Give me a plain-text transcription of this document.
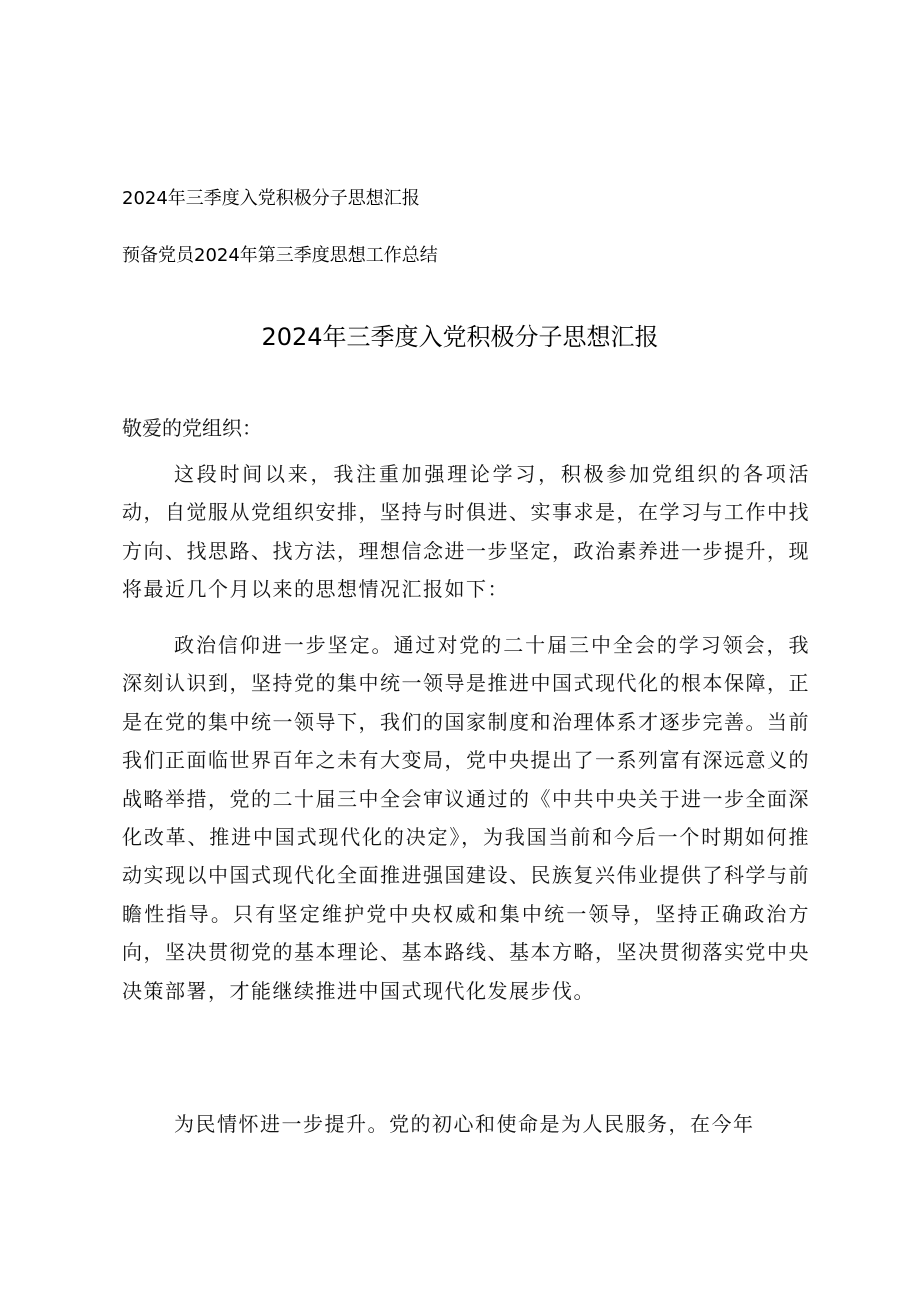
2024年三季度入党积极分子思想汇报
预备党员2024年第三季度思想工作总结
2024年三季度入党积极分子思想汇报
敬爱的党组织：

这段时间以来，我注重加强理论学习，积极参加党组织的各项活动，自觉服从党组织安排，坚持与时俱进、实事求是，在学习与工作中找方向、找思路、找方法，理想信念进一步坚定，政治素养进一步提升，现将最近几个月以来的思想情况汇报如下：

政治信仰进一步坚定。通过对党的二十届三中全会的学习领会，我深刻认识到，坚持党的集中统一领导是推进中国式现代化的根本保障，正是在党的集中统一领导下，我们的国家制度和治理体系才逐步完善。当前我们正面临世界百年之未有大变局，党中央提出了一系列富有深远意义的战略举措，党的二十届三中全会审议通过的《中共中央关于进一步全面深化改革、推进中国式现代化的决定》，为我国当前和今后一个时期如何推动实现以中国式现代化全面推进强国建设、民族复兴伟业提供了科学与前瞻性指导。只有坚定维护党中央权威和集中统一领导，坚持正确政治方向，坚决贯彻党的基本理论、基本路线、基本方略，坚决贯彻落实党中央决策部署，才能继续推进中国式现代化发展步伐。

为民情怀进一步提升。党的初心和使命是为人民服务，在今年
